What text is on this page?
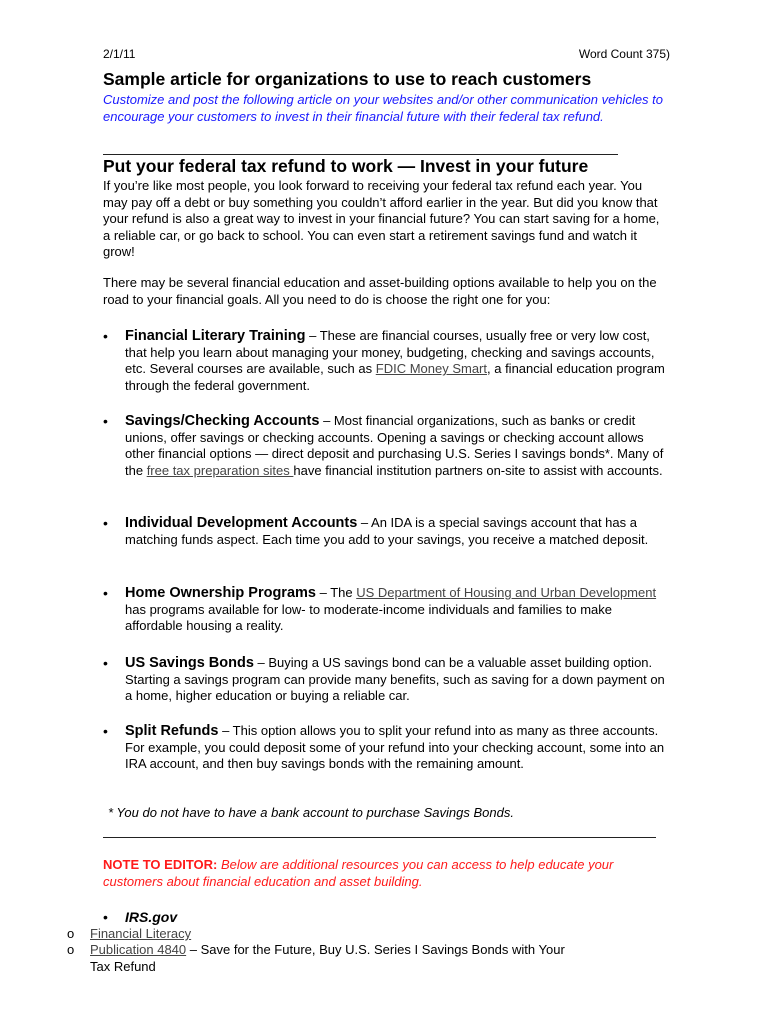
2/1/11	Word Count 375)
Sample article for organizations to use to reach customers

Customize and post the following article on your websites and/or other communication vehicles to encourage your customers to invest in their financial future with their federal tax refund.

Put your federal tax refund to work — Invest in your future

If you’re like most people, you look forward to receiving your federal tax refund each year. You may pay off a debt or buy something you couldn’t afford earlier in the year. But did you know that your refund is also a great way to invest in your financial future? You can start saving for a home, a reliable car, or go back to school. You can even start a retirement savings fund and watch it grow!

There may be several financial education and asset-building options available to help you on the road to your financial goals. All you need to do is choose the right one for you:

• Financial Literary Training – These are financial courses, usually free or very low cost, that help you learn about managing your money, budgeting, checking and savings accounts, etc. Several courses are available, such as FDIC Money Smart, a financial education program through the federal government.
• Savings/Checking Accounts – Most financial organizations, such as banks or credit unions, offer savings or checking accounts. Opening a savings or checking account allows other financial options — direct deposit and purchasing U.S. Series I savings bonds*. Many of the free tax preparation sites have financial institution partners on-site to assist with accounts.
• Individual Development Accounts – An IDA is a special savings account that has a matching funds aspect. Each time you add to your savings, you receive a matched deposit.
• Home Ownership Programs – The US Department of Housing and Urban Development has programs available for low- to moderate-income individuals and families to make affordable housing a reality.
• US Savings Bonds – Buying a US savings bond can be a valuable asset building option. Starting a savings program can provide many benefits, such as saving for a down payment on a home, higher education or buying a reliable car.
• Split Refunds – This option allows you to split your refund into as many as three accounts. For example, you could deposit some of your refund into your checking account, some into an IRA account, and then buy savings bonds with the remaining amount.

* You do not have to have a bank account to purchase Savings Bonds.

NOTE TO EDITOR: Below are additional resources you can access to help educate your customers about financial education and asset building.

• IRS.gov
o Financial Literacy
o Publication 4840 – Save for the Future, Buy U.S. Series I Savings Bonds with Your Tax Refund
